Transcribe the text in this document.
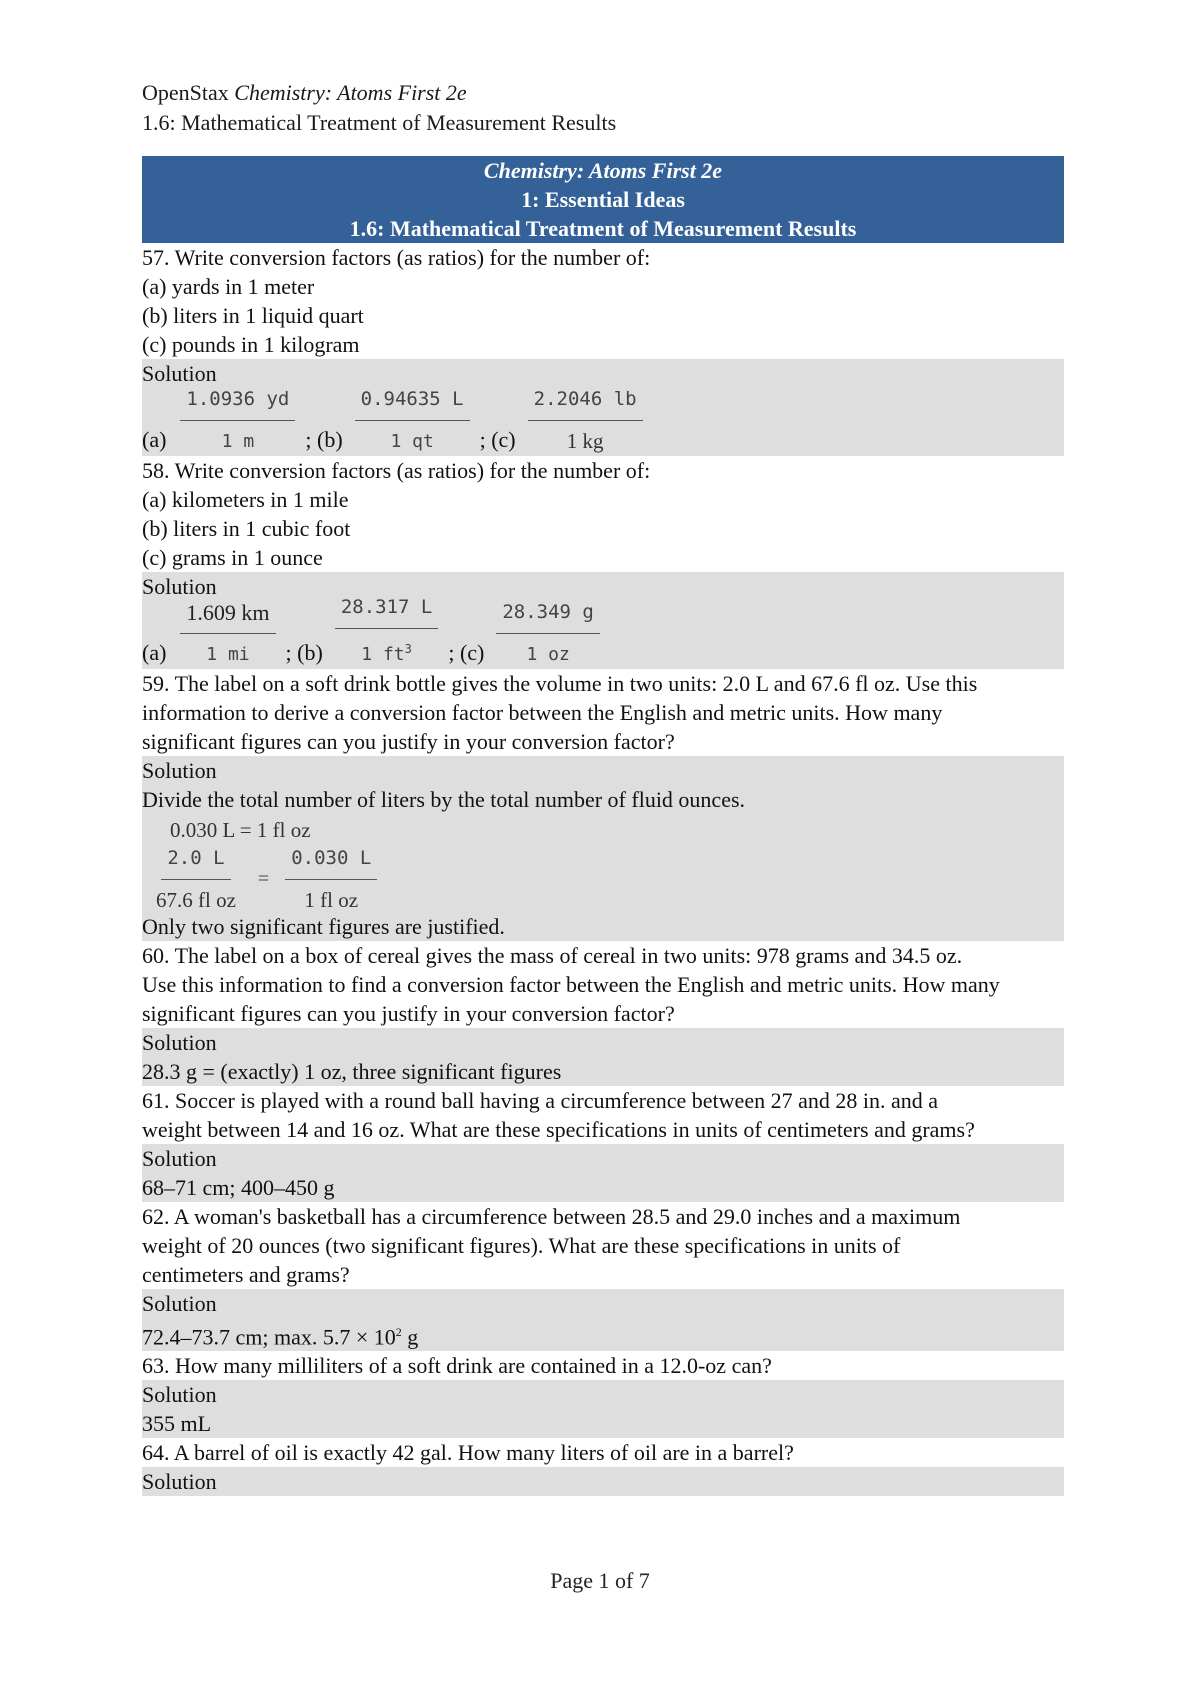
OpenStax Chemistry: Atoms First 2e
1.6: Mathematical Treatment of Measurement Results
Chemistry: Atoms First 2e
1: Essential Ideas
1.6: Mathematical Treatment of Measurement Results
57. Write conversion factors (as ratios) for the number of:
(a) yards in 1 meter
(b) liters in 1 liquid quart
(c) pounds in 1 kilogram
Solution
$(a) \frac{1.0936 yd}{1 m}$ ; $(b) \frac{0.94635 L}{1 qt}$ ; $(c) \frac{2.2046 lb}{1 kg}$
58. Write conversion factors (as ratios) for the number of:
(a) kilometers in 1 mile
(b) liters in 1 cubic foot
(c) grams in 1 ounce
Solution
$(a) \frac{1.609 km}{1 mi}$ ; $(b) \frac{28.317 L}{1 ft^3}$ ; $(c) \frac{28.349 g}{1 oz}$
59. The label on a soft drink bottle gives the volume in two units: 2.0 L and 67.6 fl oz. Use this
information to derive a conversion factor between the English and metric units. How many
significant figures can you justify in your conversion factor?
Solution
Divide the total number of liters by the total number of fluid ounces.
0.030 L = 1 fl oz
$\frac{2.0 L}{\text{67.6 fl oz}} = \frac{0.030 L}{\text{1 fl oz}}$
Only two significant figures are justified.
60. The label on a box of cereal gives the mass of cereal in two units: 978 grams and 34.5 oz.
Use this information to find a conversion factor between the English and metric units. How many
significant figures can you justify in your conversion factor?
Solution
28.3 g = (exactly) 1 oz, three significant figures
61. Soccer is played with a round ball having a circumference between 27 and 28 in. and a
weight between 14 and 16 oz. What are these specifications in units of centimeters and grams?
Solution
68–71 cm; 400–450 g
62. A woman's basketball has a circumference between 28.5 and 29.0 inches and a maximum
weight of 20 ounces (two significant figures). What are these specifications in units of
centimeters and grams?
Solution
72.4–73.7 cm; max. $5.7 \times 10^2$ g
63. How many milliliters of a soft drink are contained in a 12.0-oz can?
Solution
355 mL
64. A barrel of oil is exactly 42 gal. How many liters of oil are in a barrel?
Solution
Page 1 of 7
